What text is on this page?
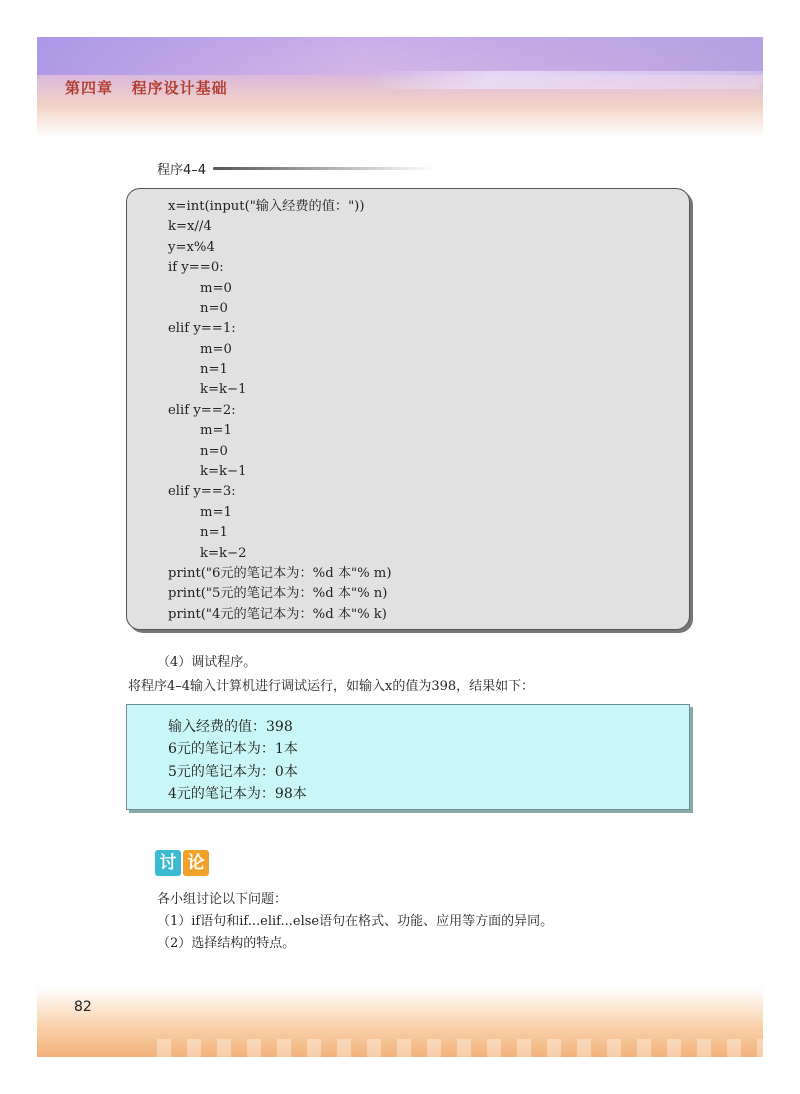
第四章   程序设计基础
82
程序4–4
x=int(input("输入经费的值："))
k=x//4
y=x%4
if y==0:
m=0
n=0
elif y==1:
m=0
n=1
k=k−1
elif y==2:
m=1
n=0
k=k−1
elif y==3:
m=1
n=1
k=k−2
print("6元的笔记本为：%d 本"% m)
print("5元的笔记本为：%d 本"% n)
print("4元的笔记本为：%d 本"% k)
（4）调试程序。
将程序4–4输入计算机进行调试运行，如输入x的值为398，结果如下：
输入经费的值：398
6元的笔记本为：1本
5元的笔记本为：0本
4元的笔记本为：98本
讨 论
各小组讨论以下问题：
（1）if语句和if...elif...else语句在格式、功能、应用等方面的异同。
（2）选择结构的特点。
